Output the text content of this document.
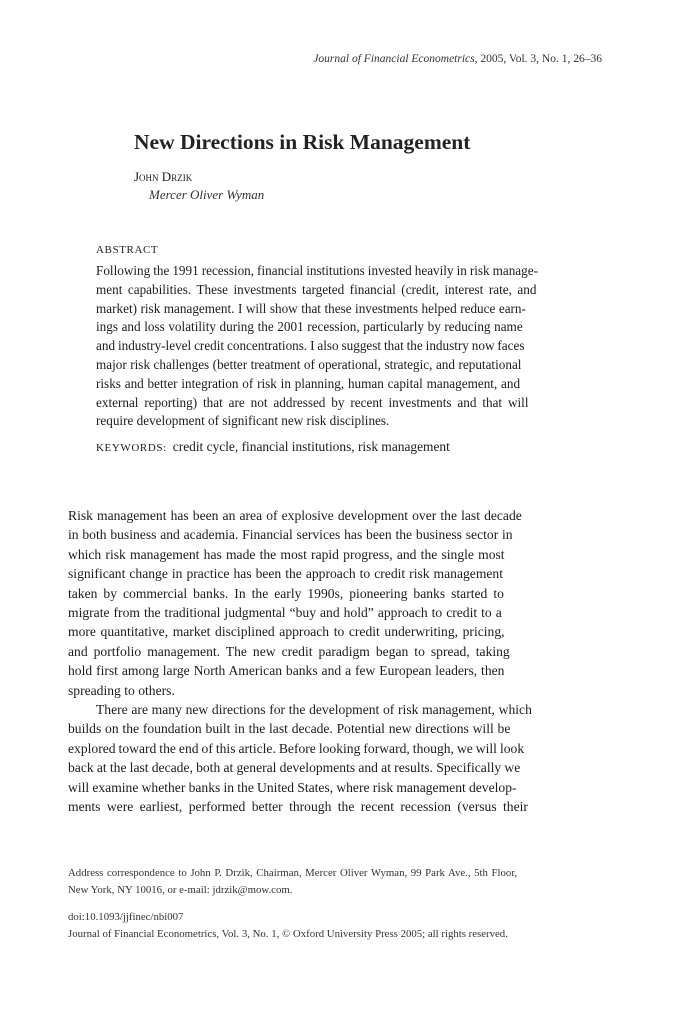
Journal of Financial Econometrics, 2005, Vol. 3, No. 1, 26–36
New Directions in Risk Management
John Drzik
Mercer Oliver Wyman
ABSTRACT
Following the 1991 recession, financial institutions invested heavily in risk manage-
ment capabilities. These investments targeted financial (credit, interest rate, and
market) risk management. I will show that these investments helped reduce earn-
ings and loss volatility during the 2001 recession, particularly by reducing name
and industry-level credit concentrations. I also suggest that the industry now faces
major risk challenges (better treatment of operational, strategic, and reputational
risks and better integration of risk in planning, human capital management, and
external reporting) that are not addressed by recent investments and that will
require development of significant new risk disciplines.
KEYWORDS: credit cycle, financial institutions, risk management
Risk management has been an area of explosive development over the last decade
in both business and academia. Financial services has been the business sector in
which risk management has made the most rapid progress, and the single most
significant change in practice has been the approach to credit risk management
taken by commercial banks. In the early 1990s, pioneering banks started to
migrate from the traditional judgmental “buy and hold” approach to credit to a
more quantitative, market disciplined approach to credit underwriting, pricing,
and portfolio management. The new credit paradigm began to spread, taking
hold first among large North American banks and a few European leaders, then
spreading to others.
There are many new directions for the development of risk management, which
builds on the foundation built in the last decade. Potential new directions will be
explored toward the end of this article. Before looking forward, though, we will look
back at the last decade, both at general developments and at results. Specifically we
will examine whether banks in the United States, where risk management develop-
ments were earliest, performed better through the recent recession (versus their
Address correspondence to John P. Drzik, Chairman, Mercer Oliver Wyman, 99 Park Ave., 5th Floor,
New York, NY 10016, or e-mail: jdrzik@mow.com.
doi:10.1093/jjfinec/nbi007
Journal of Financial Econometrics, Vol. 3, No. 1, © Oxford University Press 2005; all rights reserved.
